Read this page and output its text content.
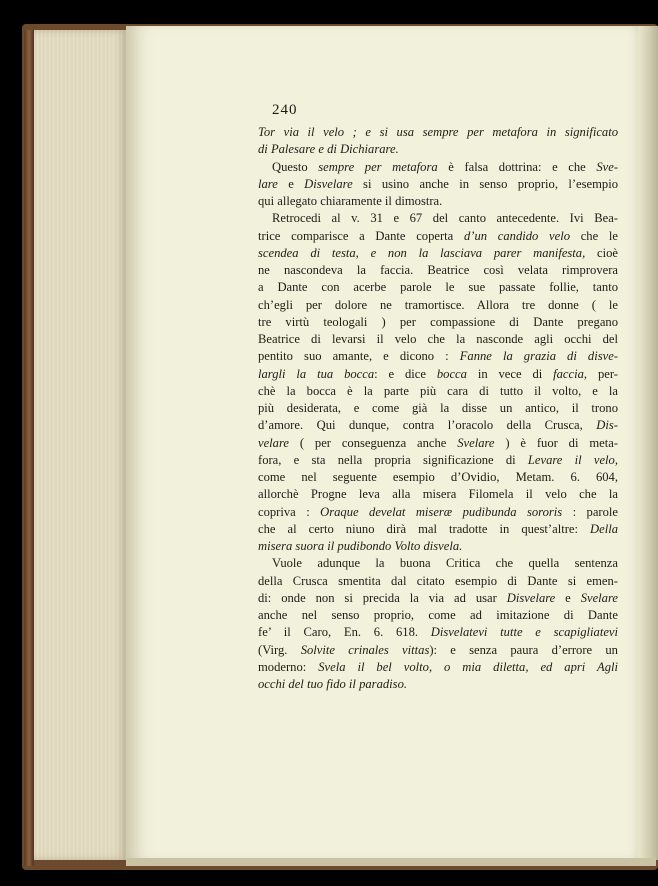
240
Tor via il velo ; e si usa sempre per metafora in significato
di Palesare e di Dichiarare.
Questo sempre per metafora è falsa dottrina: e che Sve-
lare e Disvelare si usino anche in senso proprio, l’esempio
qui allegato chiaramente il dimostra.
Retrocedi al v. 31 e 67 del canto antecedente. Ivi Bea-
trice comparisce a Dante coperta d’un candido velo che le
scendea di testa, e non la lasciava parer manifesta, cioè
ne nascondeva la faccia. Beatrice così velata rimprovera
a Dante con acerbe parole le sue passate follie, tanto
ch’egli per dolore ne tramortisce. Allora tre donne ( le
tre virtù teologali ) per compassione di Dante pregano
Beatrice di levarsi il velo che la nasconde agli occhi del
pentito suo amante, e dicono : Fanne la grazia di disve-
largli la tua bocca: e dice bocca in vece di faccia, per-
chè la bocca è la parte più cara di tutto il volto, e la
più desiderata, e come già la disse un antico, il trono
d’amore. Qui dunque, contra l’oracolo della Crusca, Dis-
velare ( per conseguenza anche Svelare ) è fuor di meta-
fora, e sta nella propria significazione di Levare il velo,
come nel seguente esempio d’Ovidio, Metam. 6. 604,
allorchè Progne leva alla misera Filomela il velo che la
copriva : Oraque develat miseræ pudibunda sororis : parole
che al certo niuno dirà mal tradotte in quest’altre: Della
misera suora il pudibondo Volto disvela.
Vuole adunque la buona Critica che quella sentenza
della Crusca smentita dal citato esempio di Dante si emen-
di: onde non si precida la via ad usar Disvelare e Svelare
anche nel senso proprio, come ad imitazione di Dante
fe’ il Caro, En. 6. 618. Disvelatevi tutte e scapigliatevi
(Virg. Solvite crinales vittas): e senza paura d’errore un
moderno: Svela il bel volto, o mia diletta, ed apri Agli
occhi del tuo fido il paradiso.
